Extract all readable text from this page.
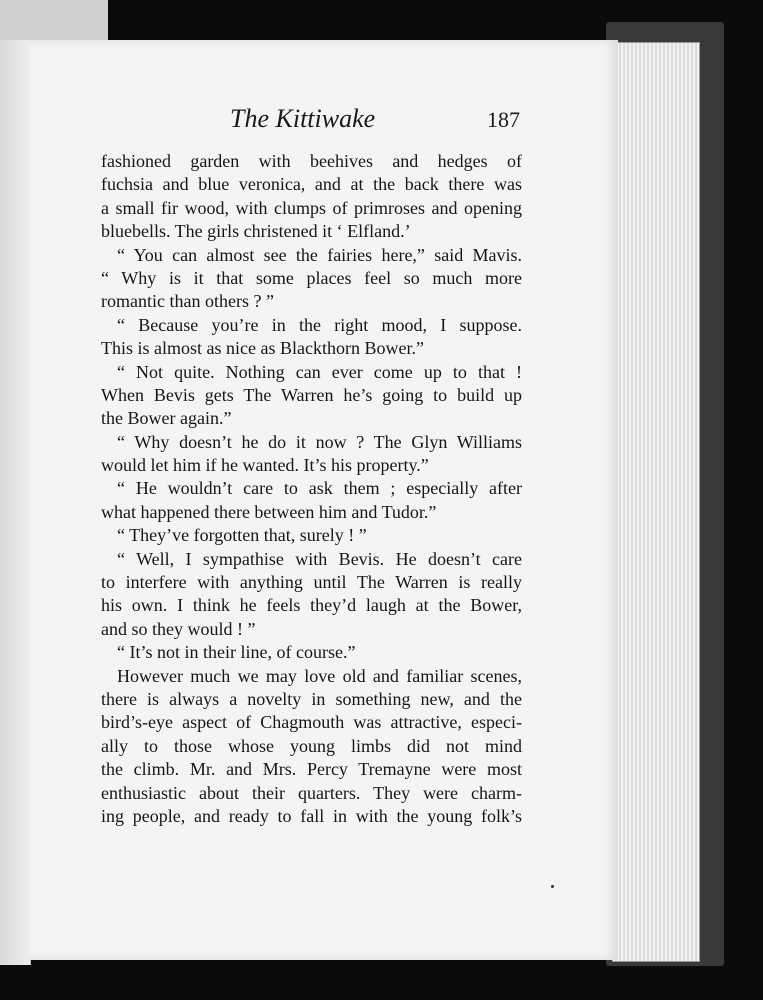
The Kittiwake	187
fashioned garden with beehives and hedges of
fuchsia and blue veronica, and at the back there was
a small fir wood, with clumps of primroses and opening
bluebells. The girls christened it ‘ Elfland.’
“ You can almost see the fairies here,” said Mavis.
“ Why is it that some places feel so much more
romantic than others ? ”
“ Because you’re in the right mood, I suppose.
This is almost as nice as Blackthorn Bower.”
“ Not quite. Nothing can ever come up to that !
When Bevis gets The Warren he’s going to build up
the Bower again.”
“ Why doesn’t he do it now ? The Glyn Williams
would let him if he wanted. It’s his property.”
“ He wouldn’t care to ask them ; especially after
what happened there between him and Tudor.”
“ They’ve forgotten that, surely ! ”
“ Well, I sympathise with Bevis. He doesn’t care
to interfere with anything until The Warren is really
his own. I think he feels they’d laugh at the Bower,
and so they would ! ”
“ It’s not in their line, of course.”
However much we may love old and familiar scenes,
there is always a novelty in something new, and the
bird’s-eye aspect of Chagmouth was attractive, especi-
ally to those whose young limbs did not mind
the climb. Mr. and Mrs. Percy Tremayne were most
enthusiastic about their quarters. They were charm-
ing people, and ready to fall in with the young folk’s
